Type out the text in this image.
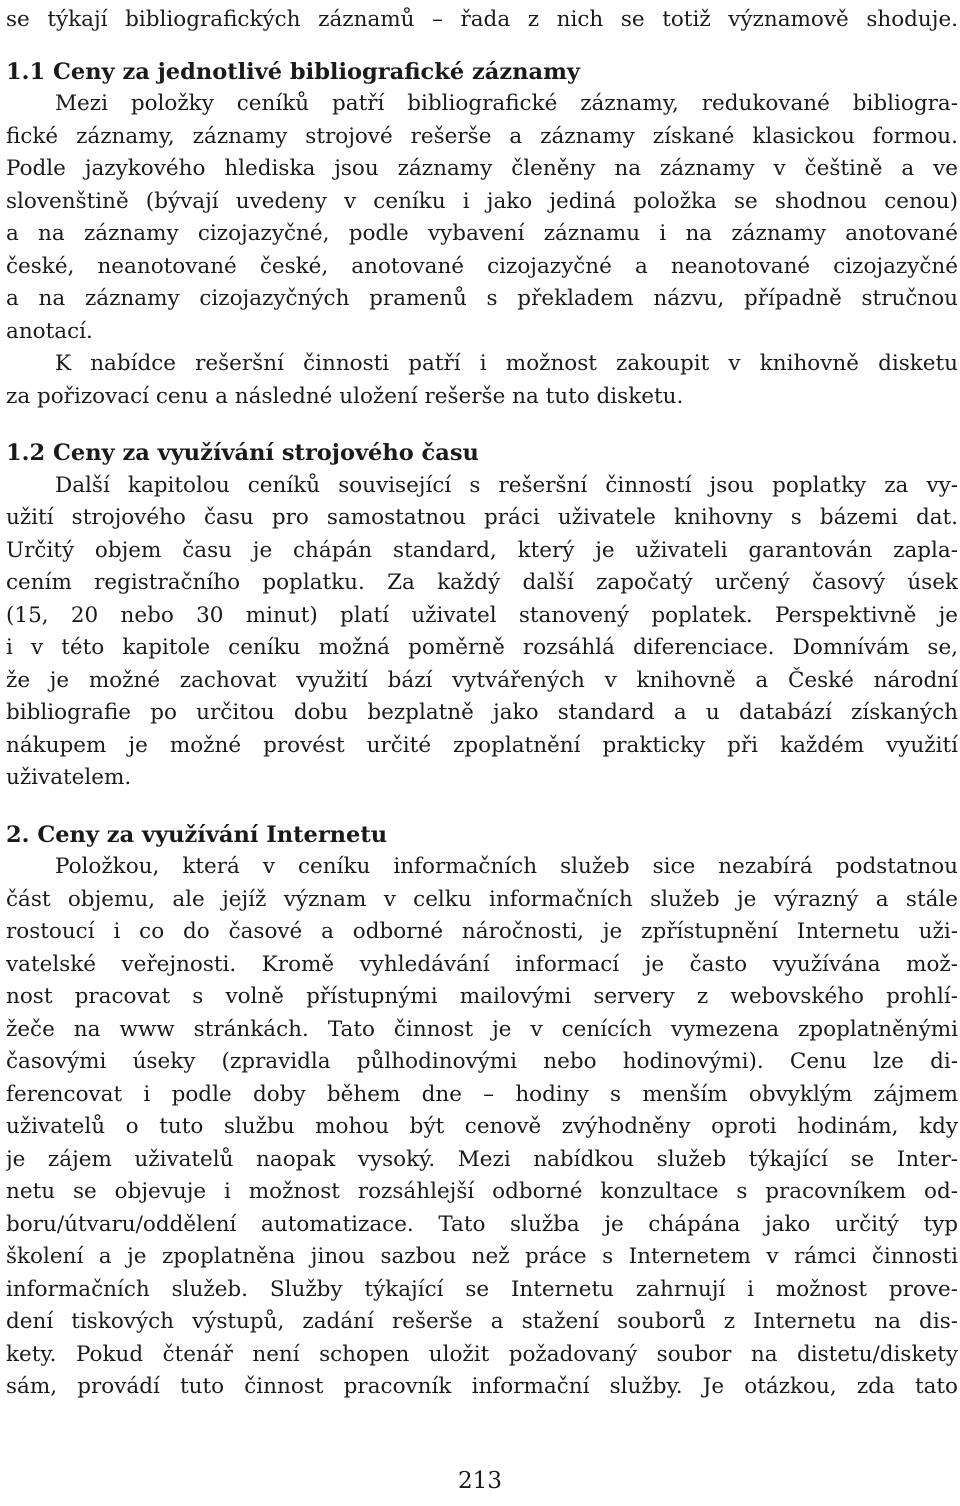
se týkají bibliografických záznamů – řada z nich se totiž významově shoduje.
1.1 Ceny za jednotlivé bibliografické záznamy
Mezi položky ceníků patří bibliografické záznamy, redukované bibliogra-
fické záznamy, záznamy strojové rešerše a záznamy získané klasickou formou.
Podle jazykového hlediska jsou záznamy členěny na záznamy v češtině a ve
slovenštině (bývají uvedeny v ceníku i jako jediná položka se shodnou cenou)
a na záznamy cizojazyčné, podle vybavení záznamu i na záznamy anotované
české, neanotované české, anotované cizojazyčné a neanotované cizojazyčné
a na záznamy cizojazyčných pramenů s překladem názvu, případně stručnou
anotací.
K nabídce rešeršní činnosti patří i možnost zakoupit v knihovně disketu
za pořizovací cenu a následné uložení rešerše na tuto disketu.
1.2 Ceny za využívání strojového času
Další kapitolou ceníků související s rešeršní činností jsou poplatky za vy-
užití strojového času pro samostatnou práci uživatele knihovny s bázemi dat.
Určitý objem času je chápán standard, který je uživateli garantován zapla-
cením registračního poplatku. Za každý další započatý určený časový úsek
(15, 20 nebo 30 minut) platí uživatel stanovený poplatek. Perspektivně je
i v této kapitole ceníku možná poměrně rozsáhlá diferenciace. Domnívám se,
že je možné zachovat využití bází vytvářených v knihovně a České národní
bibliografie po určitou dobu bezplatně jako standard a u databází získaných
nákupem je možné provést určité zpoplatnění prakticky při každém využití
uživatelem.
2. Ceny za využívání Internetu
Položkou, která v ceníku informačních služeb sice nezabírá podstatnou
část objemu, ale jejíž význam v celku informačních služeb je výrazný a stále
rostoucí i co do časové a odborné náročnosti, je zpřístupnění Internetu uži-
vatelské veřejnosti. Kromě vyhledávání informací je často využívána mož-
nost pracovat s volně přístupnými mailovými servery z webovského prohlí-
žeče na www stránkách. Tato činnost je v cenících vymezena zpoplatněnými
časovými úseky (zpravidla půlhodinovými nebo hodinovými). Cenu lze di-
ferencovat i podle doby během dne – hodiny s menším obvyklým zájmem
uživatelů o tuto službu mohou být cenově zvýhodněny oproti hodinám, kdy
je zájem uživatelů naopak vysoký. Mezi nabídkou služeb týkající se Inter-
netu se objevuje i možnost rozsáhlejší odborné konzultace s pracovníkem od-
boru/útvaru/oddělení automatizace. Tato služba je chápána jako určitý typ
školení a je zpoplatněna jinou sazbou než práce s Internetem v rámci činnosti
informačních služeb. Služby týkající se Internetu zahrnují i možnost prove-
dení tiskových výstupů, zadání rešerše a stažení souborů z Internetu na dis-
kety. Pokud čtenář není schopen uložit požadovaný soubor na distetu/diskety
sám, provádí tuto činnost pracovník informační služby. Je otázkou, zda tato
213
